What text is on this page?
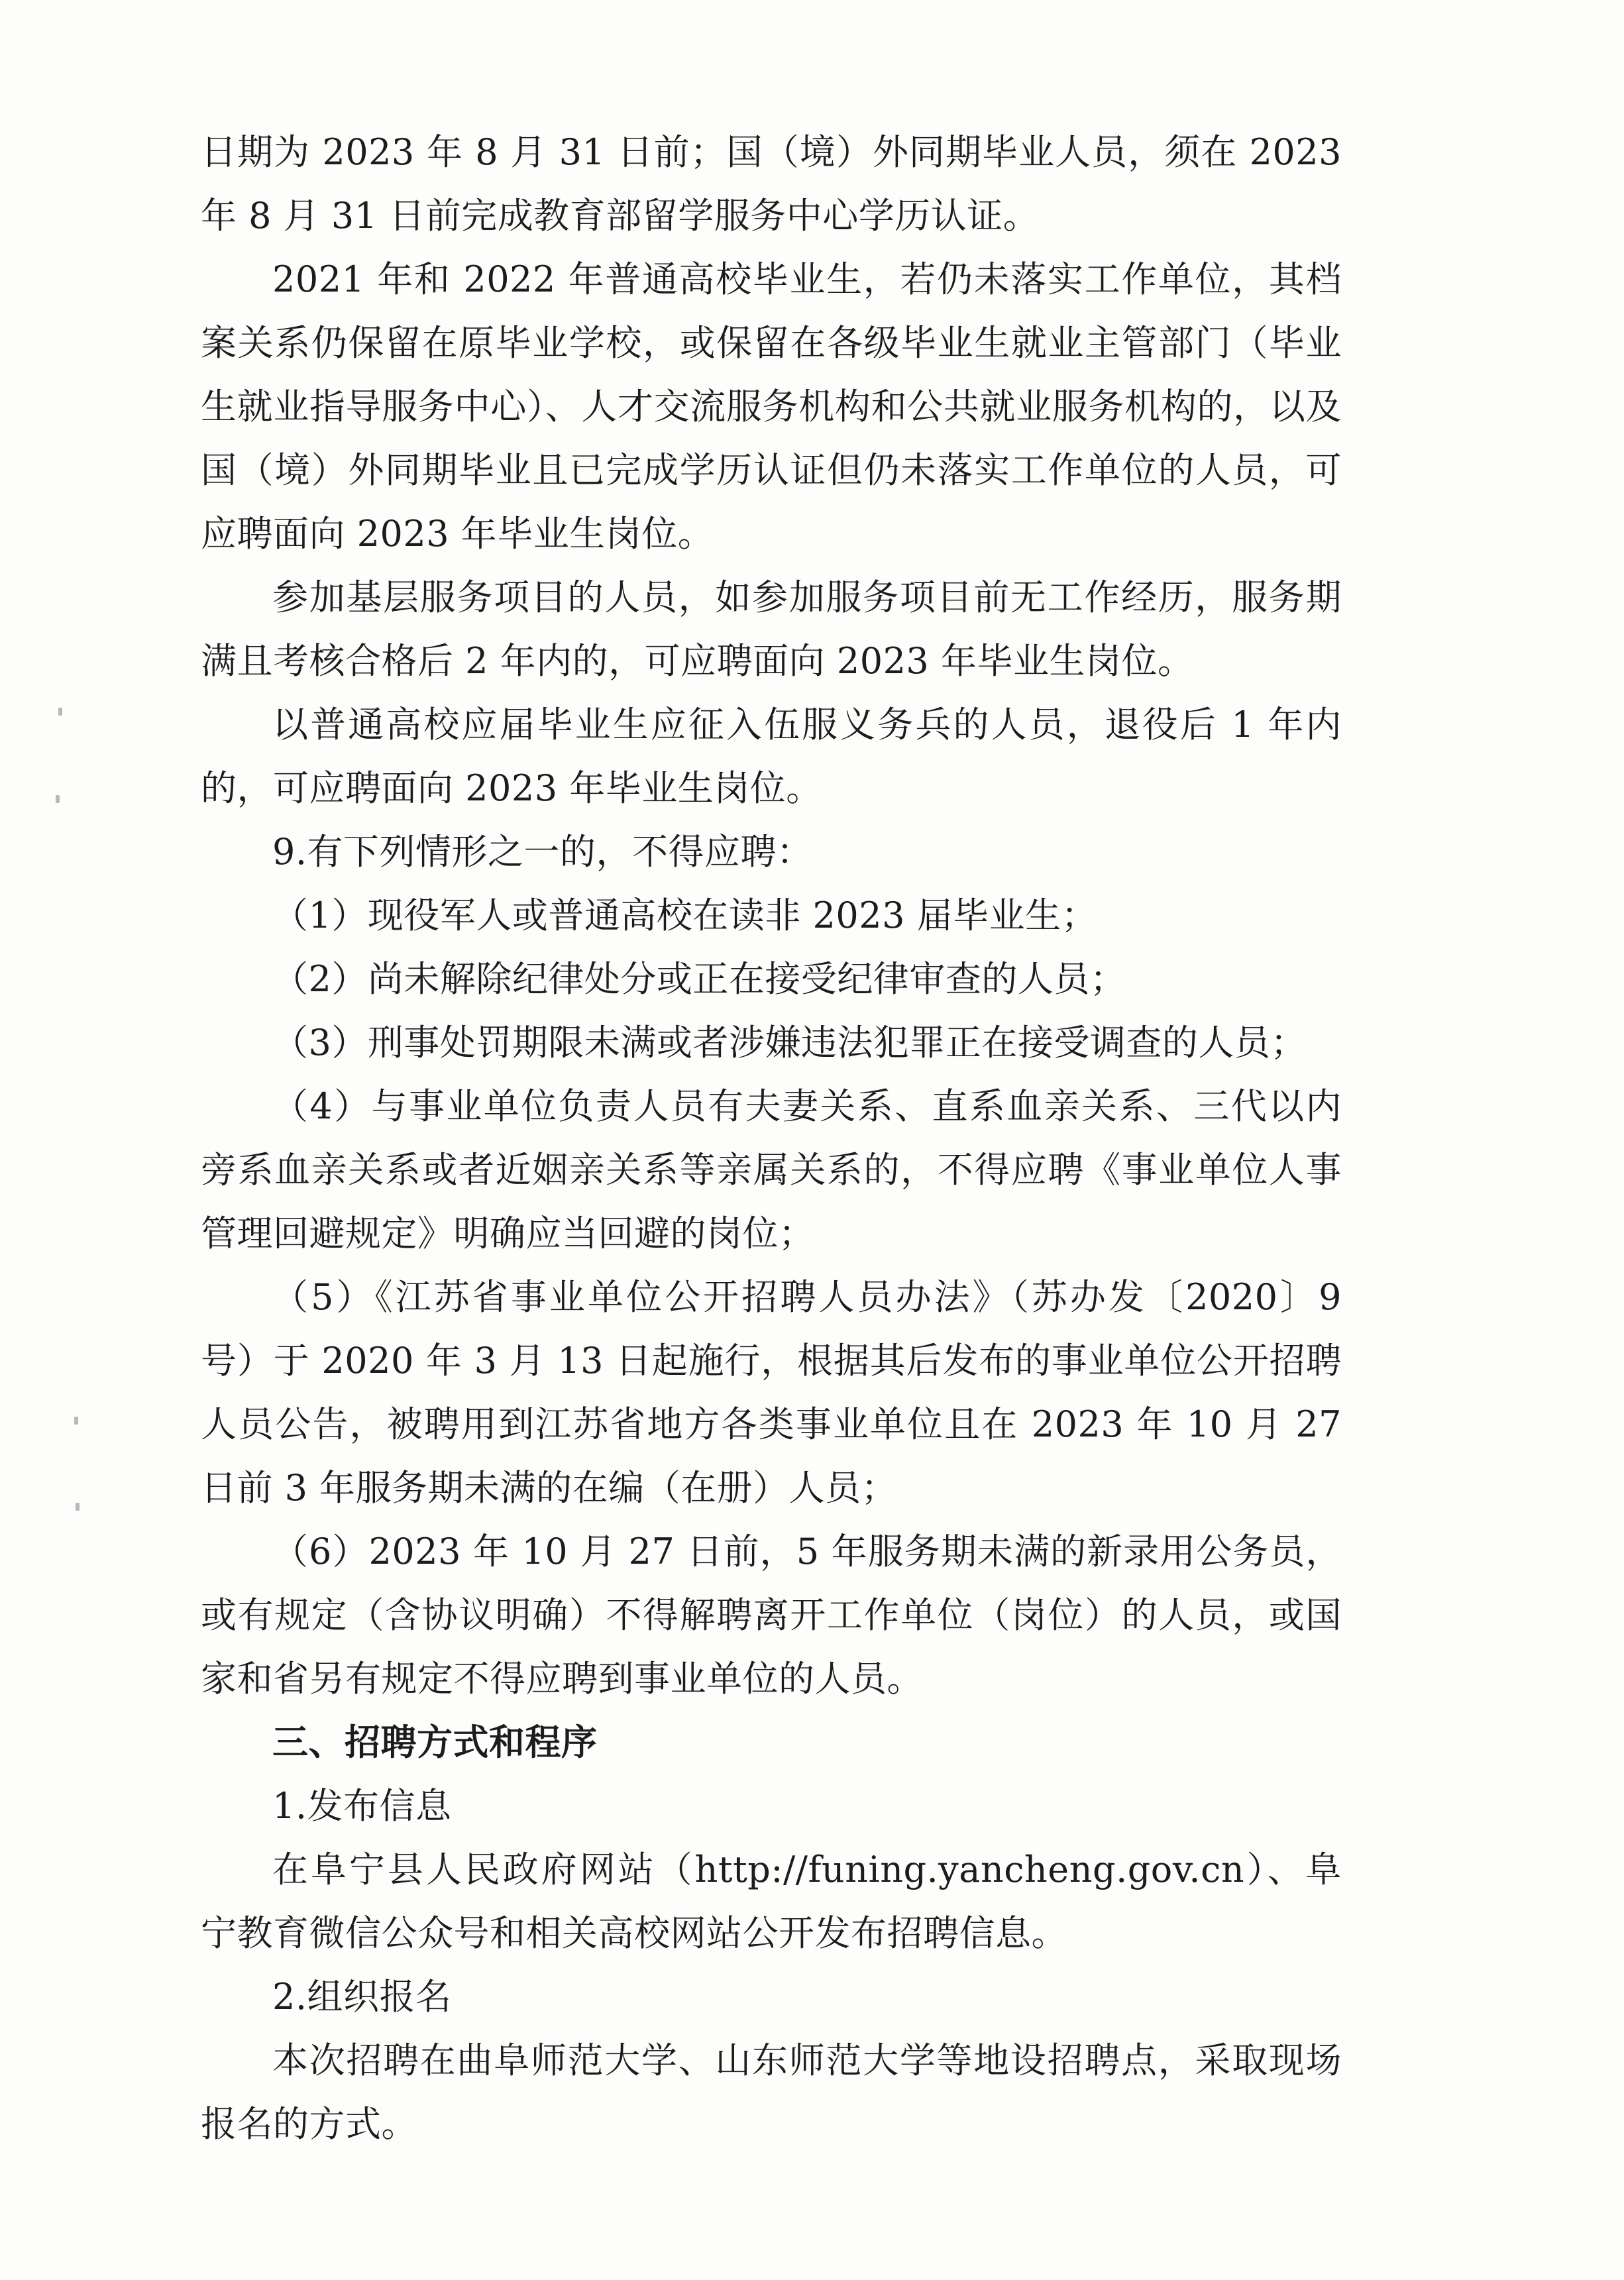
日期为 2023 年 8 月 31 日前；国（境）外同期毕业人员，须在 2023 年 8 月 31 日前完成教育部留学服务中心学历认证。

2021 年和 2022 年普通高校毕业生，若仍未落实工作单位，其档案关系仍保留在原毕业学校，或保留在各级毕业生就业主管部门（毕业生就业指导服务中心）、人才交流服务机构和公共就业服务机构的，以及国（境）外同期毕业且已完成学历认证但仍未落实工作单位的人员，可应聘面向 2023 年毕业生岗位。

参加基层服务项目的人员，如参加服务项目前无工作经历，服务期满且考核合格后 2 年内的，可应聘面向 2023 年毕业生岗位。

以普通高校应届毕业生应征入伍服义务兵的人员，退役后 1 年内的，可应聘面向 2023 年毕业生岗位。

9.有下列情形之一的，不得应聘：

（1）现役军人或普通高校在读非 2023 届毕业生；

（2）尚未解除纪律处分或正在接受纪律审查的人员；

（3）刑事处罚期限未满或者涉嫌违法犯罪正在接受调查的人员；

（4）与事业单位负责人员有夫妻关系、直系血亲关系、三代以内旁系血亲关系或者近姻亲关系等亲属关系的，不得应聘《事业单位人事管理回避规定》明确应当回避的岗位；

（5）《江苏省事业单位公开招聘人员办法》（苏办发〔2020〕9 号）于 2020 年 3 月 13 日起施行，根据其后发布的事业单位公开招聘人员公告，被聘用到江苏省地方各类事业单位且在 2023 年 10 月 27 日前 3 年服务期未满的在编（在册）人员；

（6）2023 年 10 月 27 日前，5 年服务期未满的新录用公务员，或有规定（含协议明确）不得解聘离开工作单位（岗位）的人员，或国家和省另有规定不得应聘到事业单位的人员。

三、招聘方式和程序

1.发布信息

在阜宁县人民政府网站（http://funing.yancheng.gov.cn）、阜宁教育微信公众号和相关高校网站公开发布招聘信息。

2.组织报名

本次招聘在曲阜师范大学、山东师范大学等地设招聘点，采取现场报名的方式。
